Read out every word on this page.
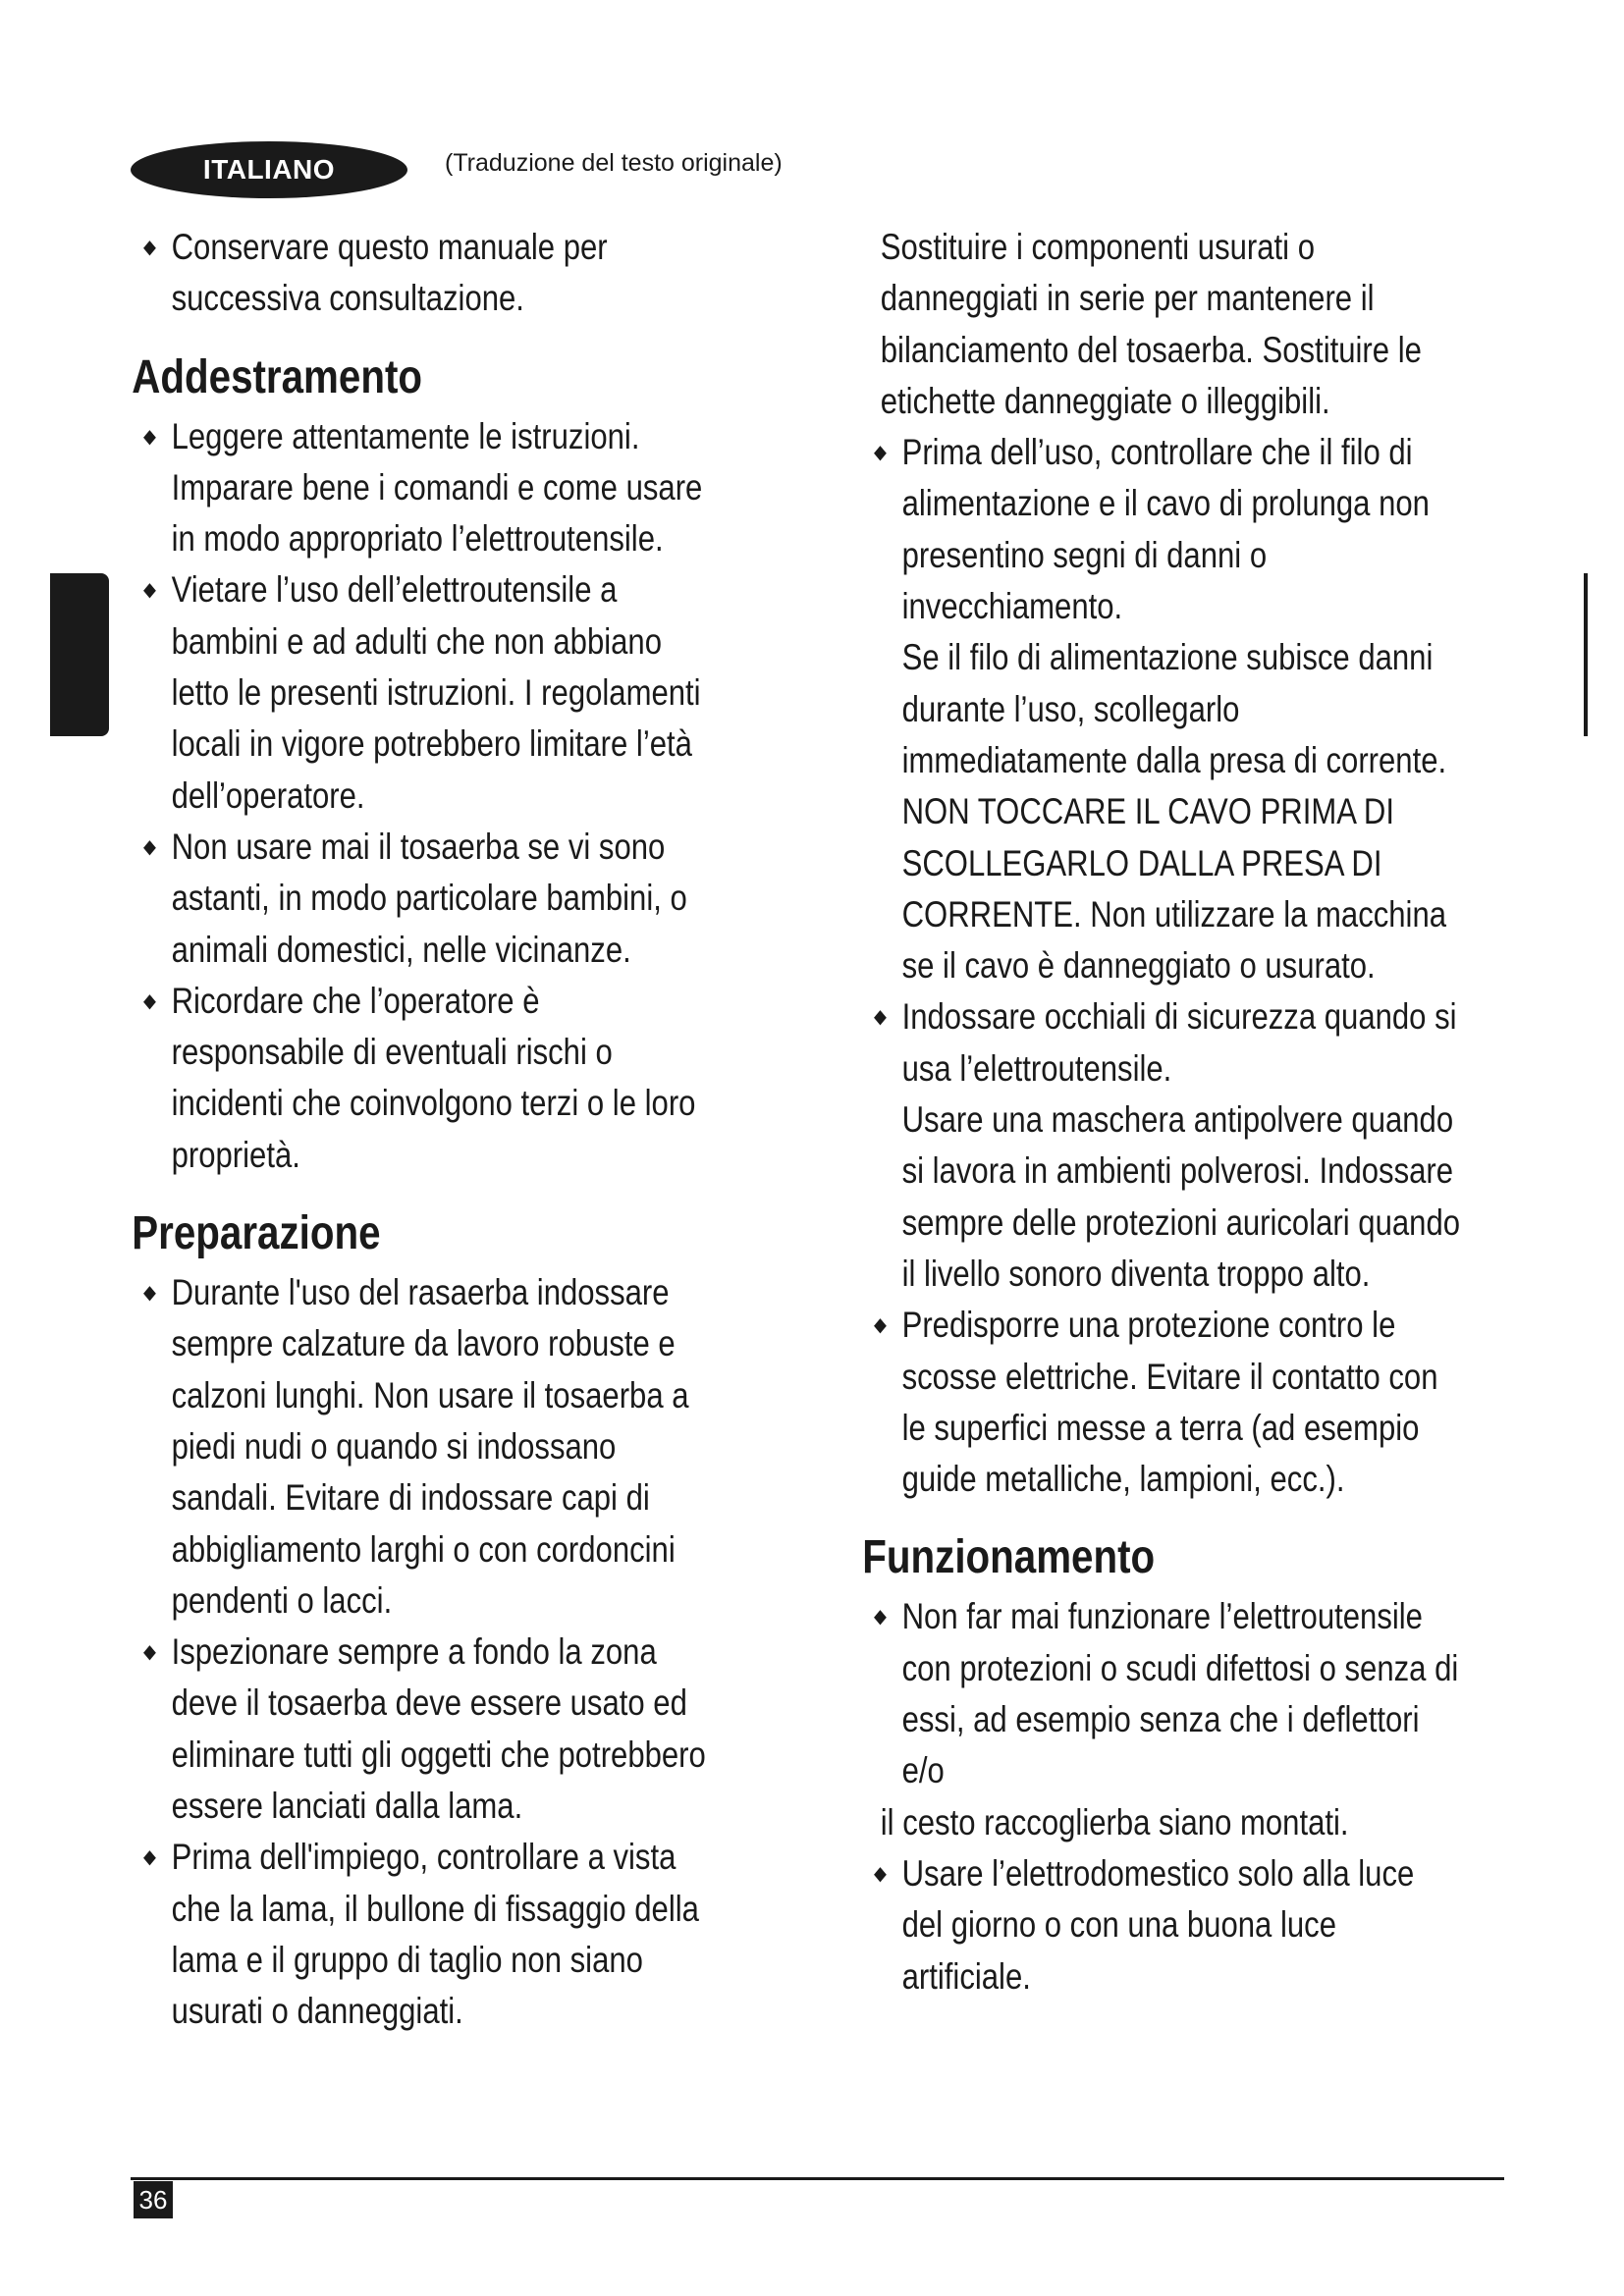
ITALIANO	(Traduzione del testo originale)
◆ Conservare questo manuale per successiva consultazione.

Addestramento
◆ Leggere attentamente le istruzioni. Imparare bene i comandi e come usare in modo appropriato l’elettroutensile.

◆ Vietare l’uso dell’elettroutensile a bambini e ad adulti che non abbiano letto le presenti istruzioni. I regolamenti locali in vigore potrebbero limitare l’età dell’operatore.

◆ Non usare mai il tosaerba se vi sono astanti, in modo particolare bambini, o animali domestici, nelle vicinanze.

◆ Ricordare che l’operatore è responsabile di eventuali rischi o incidenti che coinvolgono terzi o le loro proprietà.

Preparazione
◆ Durante l'uso del rasaerba indossare sempre calzature da lavoro robuste e calzoni lunghi. Non usare il tosaerba a piedi nudi o quando si indossano sandali. Evitare di indossare capi di abbigliamento larghi o con cordoncini pendenti o lacci.

◆ Ispezionare sempre a fondo la zona deve il tosaerba deve essere usato ed eliminare tutti gli oggetti che potrebbero essere lanciati dalla lama.

◆ Prima dell'impiego, controllare a vista che la lama, il bullone di fissaggio della lama e il gruppo di taglio non siano usurati o danneggiati.

Sostituire i componenti usurati o danneggiati in serie per mantenere il bilanciamento del tosaerba. Sostituire le etichette danneggiate o illeggibili.

◆ Prima dell’uso, controllare che il filo di alimentazione e il cavo di prolunga non presentino segni di danni o invecchiamento.

Se il filo di alimentazione subisce danni durante l’uso, scollegarlo immediatamente dalla presa di corrente. NON TOCCARE IL CAVO PRIMA DI SCOLLEGARLO DALLA PRESA DI CORRENTE. Non utilizzare la macchina se il cavo è danneggiato o usurato.

◆ Indossare occhiali di sicurezza quando si usa l’elettroutensile.

Usare una maschera antipolvere quando si lavora in ambienti polverosi. Indossare sempre delle protezioni auricolari quando il livello sonoro diventa troppo alto.

◆ Predisporre una protezione contro le scosse elettriche. Evitare il contatto con le superfici messe a terra (ad esempio guide metalliche, lampioni, ecc.).

Funzionamento
◆ Non far mai funzionare l’elettroutensile con protezioni o scudi difettosi o senza di essi, ad esempio senza che i deflettori e/o

il cesto raccoglierba siano montati.

◆ Usare l’elettrodomestico solo alla luce del giorno o con una buona luce artificiale.

36
